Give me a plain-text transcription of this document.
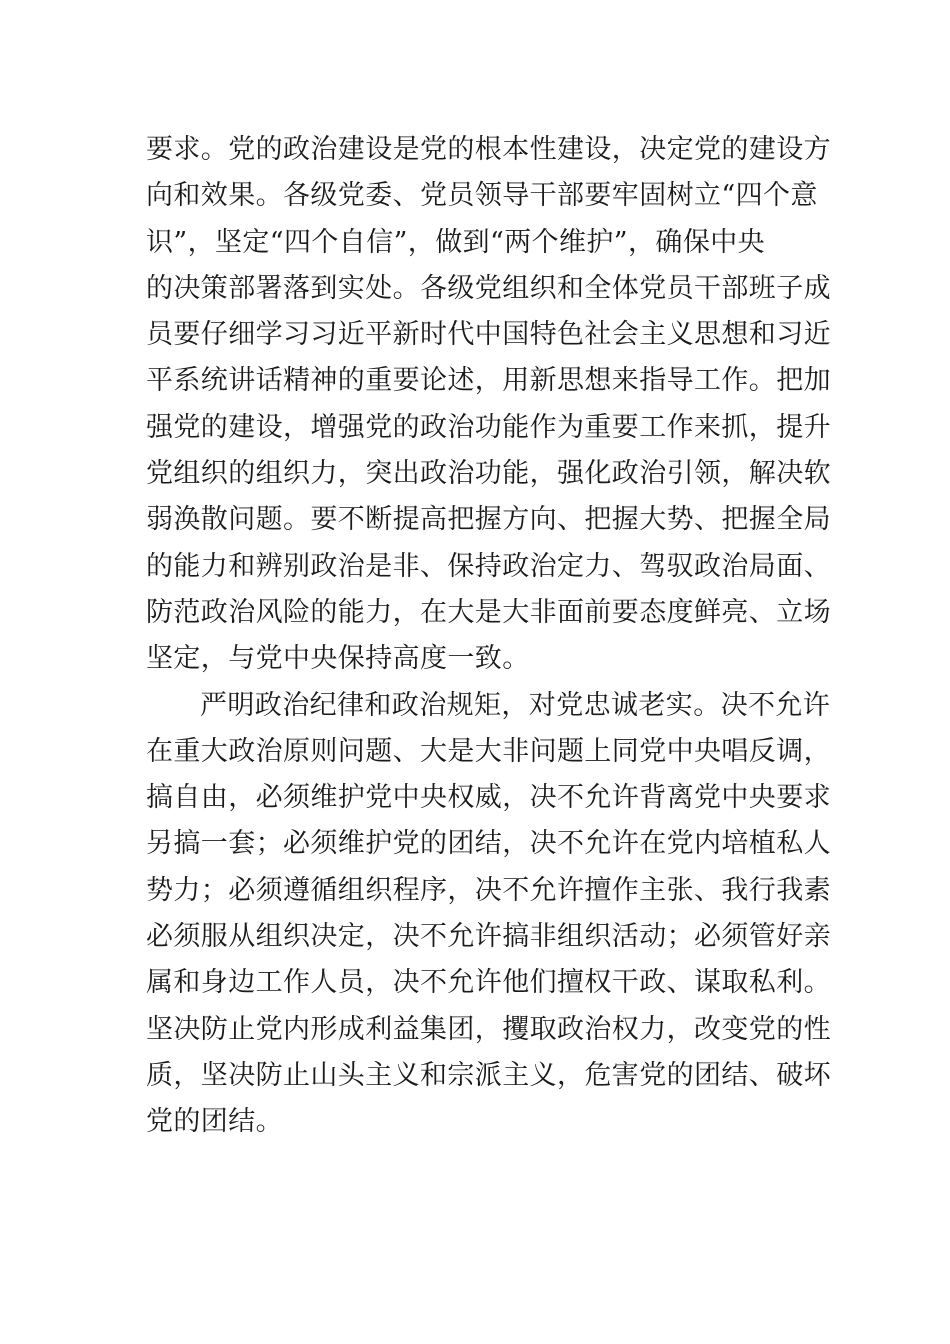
要求。党的政治建设是党的根本性建设，决定党的建设方
向和效果。各级党委、党员领导干部要牢固树立“四个意
识”，坚定“四个自信”，做到“两个维护”，确保中央
的决策部署落到实处。各级党组织和全体党员干部班子成
员要仔细学习习近平新时代中国特色社会主义思想和习近
平系统讲话精神的重要论述，用新思想来指导工作。把加
强党的建设，增强党的政治功能作为重要工作来抓，提升
党组织的组织力，突出政治功能，强化政治引领，解决软
弱涣散问题。要不断提高把握方向、把握大势、把握全局
的能力和辨别政治是非、保持政治定力、驾驭政治局面、
防范政治风险的能力，在大是大非面前要态度鲜亮、立场
坚定，与党中央保持高度一致。
严明政治纪律和政治规矩，对党忠诚老实。决不允许
在重大政治原则问题、大是大非问题上同党中央唱反调，
搞自由，必须维护党中央权威，决不允许背离党中央要求
另搞一套；必须维护党的团结，决不允许在党内培植私人
势力；必须遵循组织程序，决不允许擅作主张、我行我素
必须服从组织决定，决不允许搞非组织活动；必须管好亲
属和身边工作人员，决不允许他们擅权干政、谋取私利。
坚决防止党内形成利益集团，攫取政治权力，改变党的性
质，坚决防止山头主义和宗派主义，危害党的团结、破坏
党的团结。
